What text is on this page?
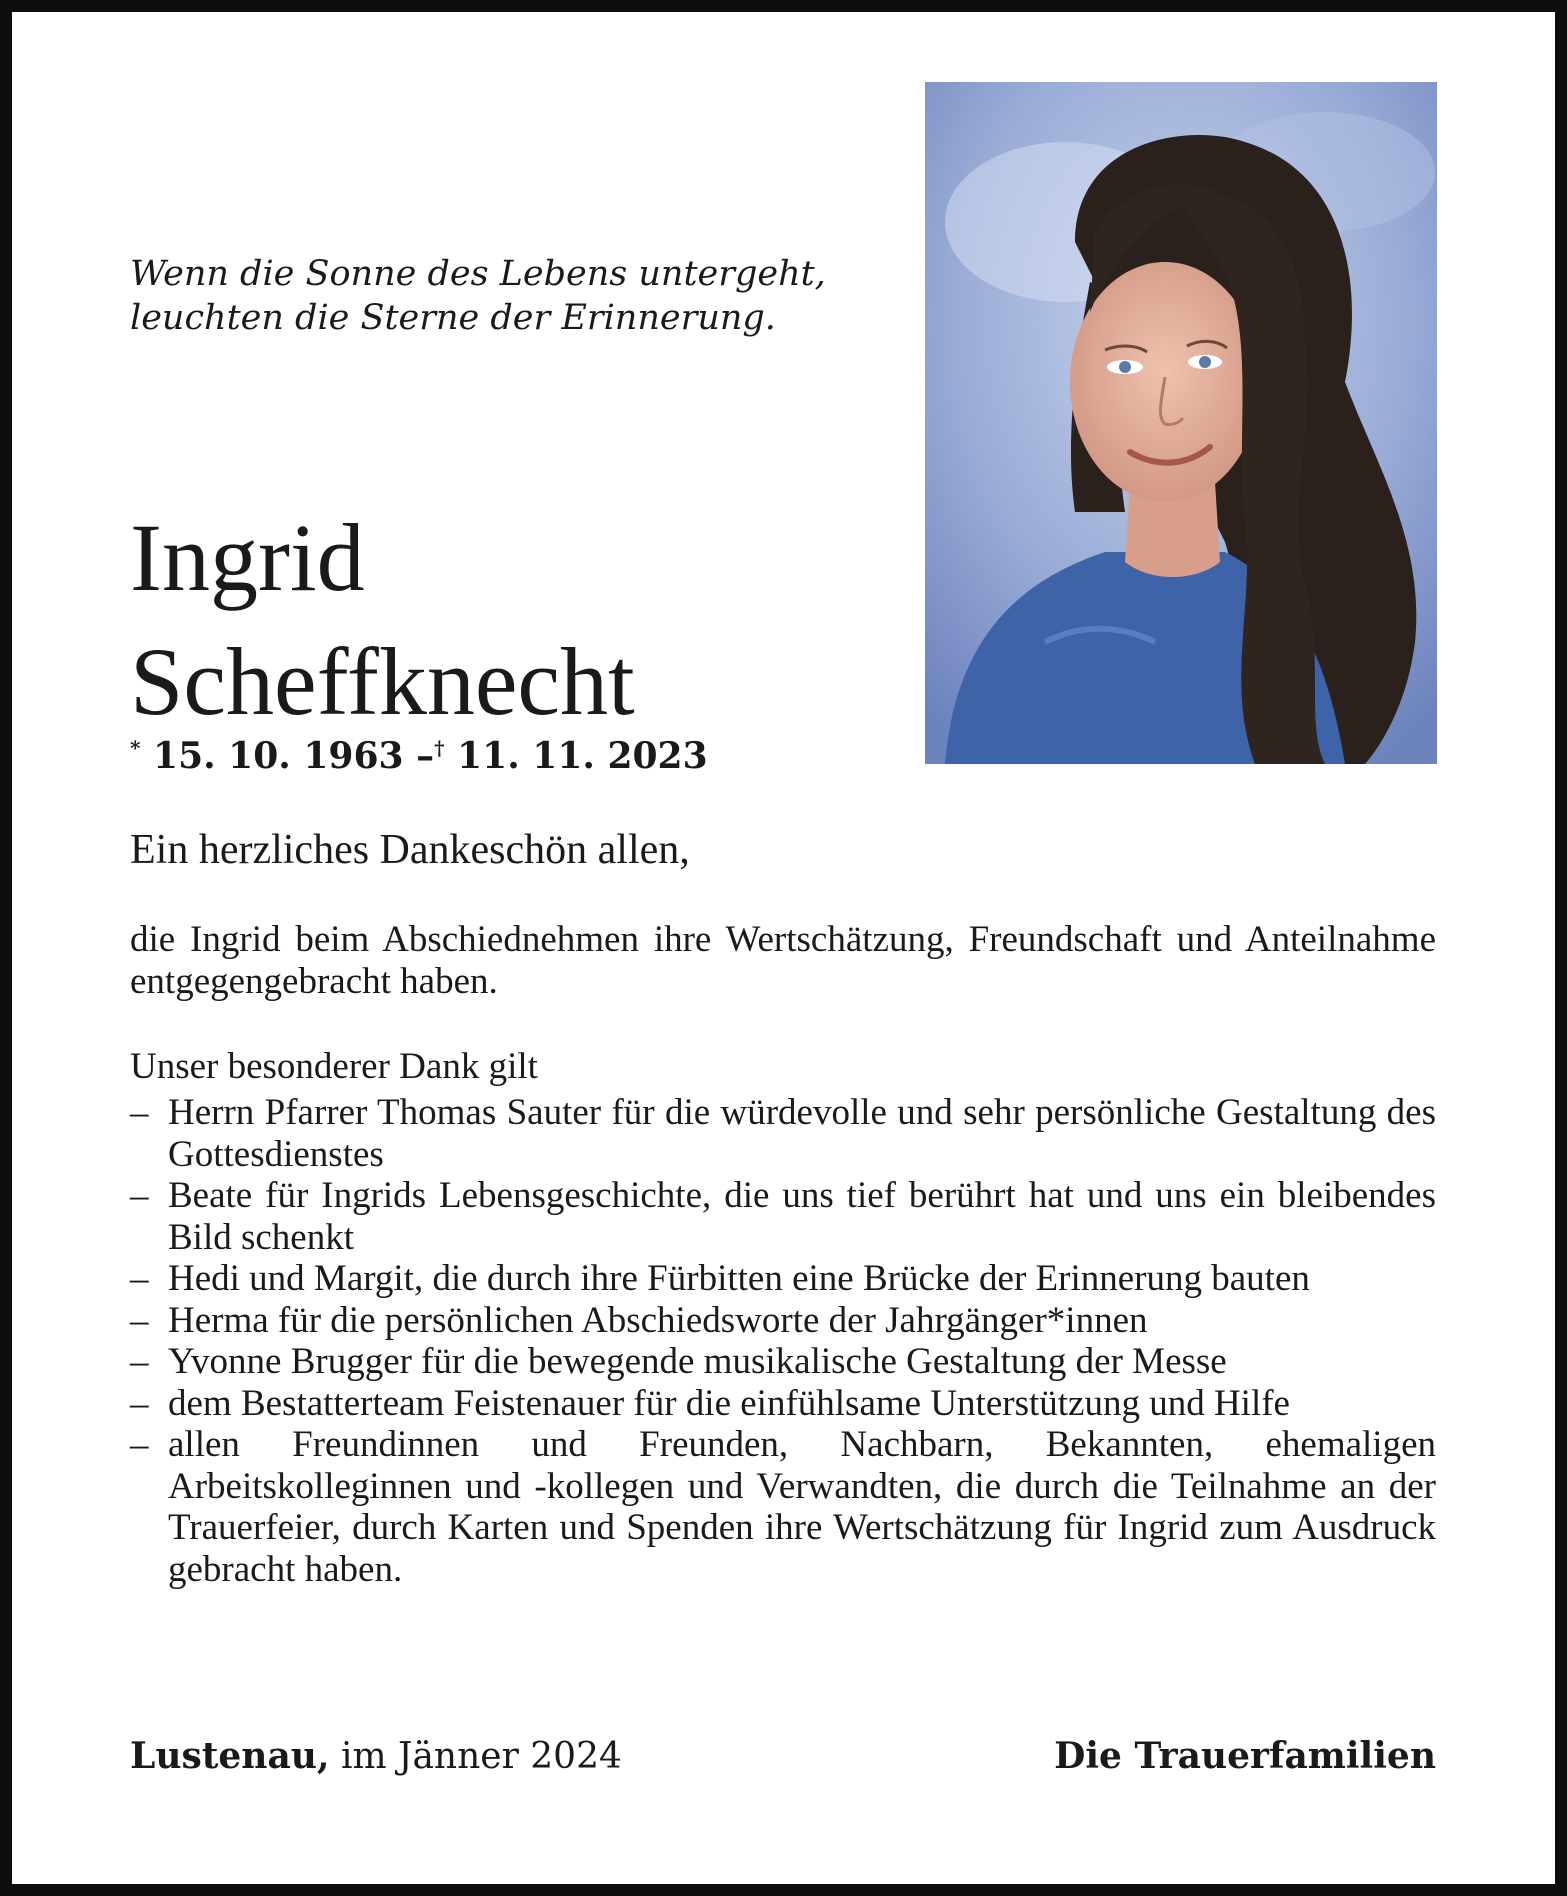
Wenn die Sonne des Lebens untergeht,
leuchten die Sterne der Erinnerung.

Ingrid
Scheffknecht

* 15. 10. 1963 –† 11. 11. 2023

Ein herzliches Dankeschön allen,

die Ingrid beim Abschiednehmen ihre Wertschätzung, Freundschaft und Anteilnahme entgegengebracht haben.

Unser besonderer Dank gilt

– Herrn Pfarrer Thomas Sauter für die würdevolle und sehr persönliche Gestaltung des Gottesdienstes
– Beate für Ingrids Lebensgeschichte, die uns tief berührt hat und uns ein bleibendes Bild schenkt
– Hedi und Margit, die durch ihre Fürbitten eine Brücke der Erinnerung bauten
– Herma für die persönlichen Abschiedsworte der Jahrgänger*innen
– Yvonne Brugger für die bewegende musikalische Gestaltung der Messe
– dem Bestatterteam Feistenauer für die einfühlsame Unterstützung und Hilfe
– allen Freundinnen und Freunden, Nachbarn, Bekannten, ehemaligen Arbeitskolleginnen und -kollegen und Verwandten, die durch die Teilnahme an der Trauerfeier, durch Karten und Spenden ihre Wertschätzung für Ingrid zum Ausdruck gebracht haben.
Lustenau, im Jänner 2024	Die Trauerfamilien
